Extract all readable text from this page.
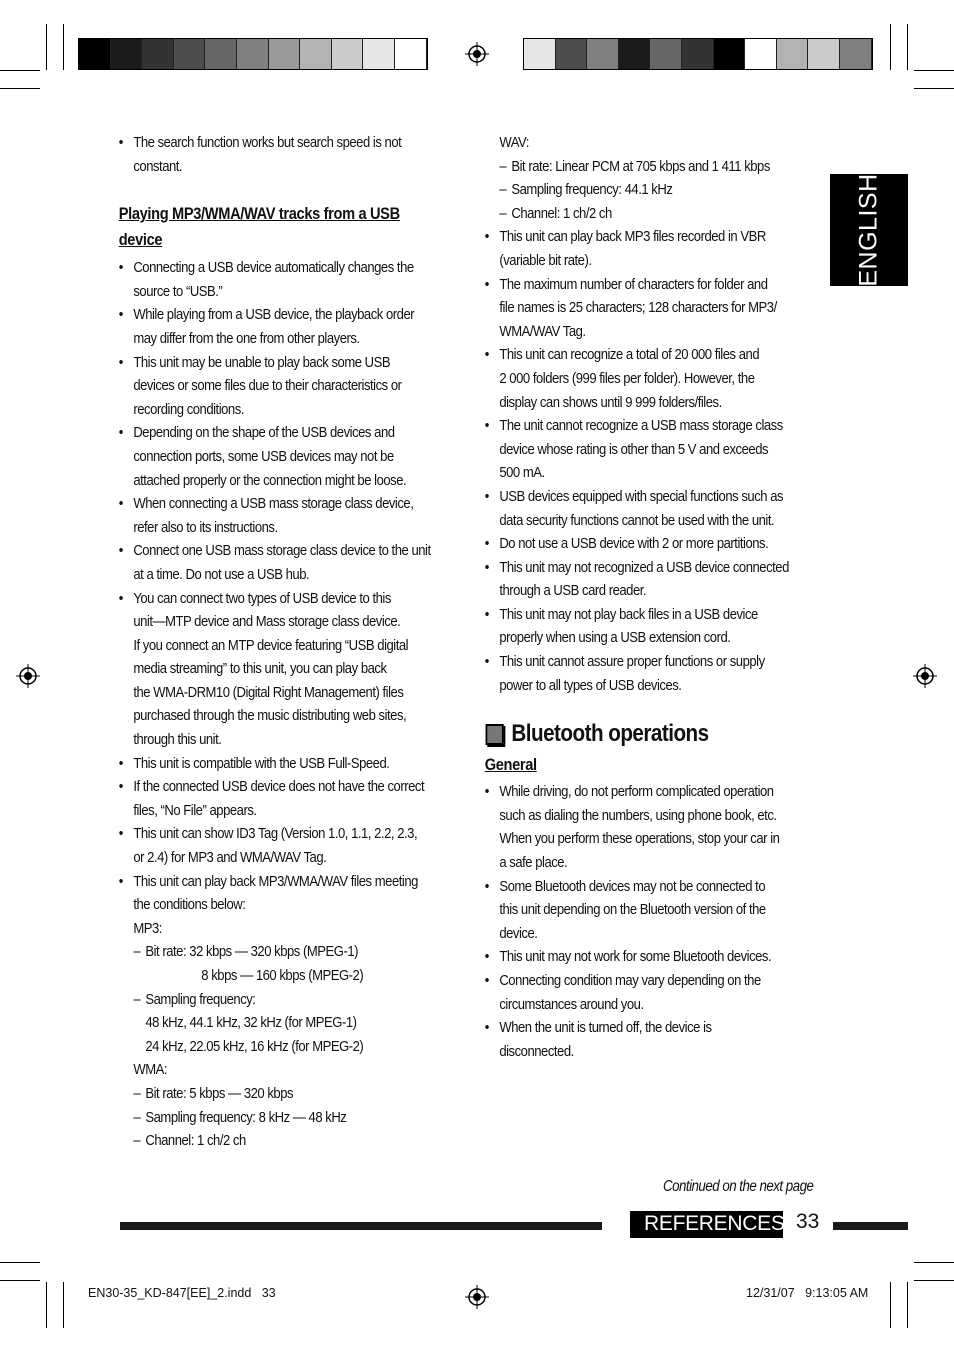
ENGLISH

• The search function works but search speed is not constant.

Playing MP3/WMA/WAV tracks from a USB
device

• Connecting a USB device automatically changes the
source to “USB.”

• While playing from a USB device, the playback order
may differ from the one from other players.

• This unit may be unable to play back some USB
devices or some files due to their characteristics or
recording conditions.

• Depending on the shape of the USB devices and
connection ports, some USB devices may not be
attached properly or the connection might be loose.

• When connecting a USB mass storage class device,
refer also to its instructions.

• Connect one USB mass storage class device to the unit
at a time. Do not use a USB hub.

• You can connect two types of USB device to this
unit—MTP device and Mass storage class device.
If you connect an MTP device featuring “USB digital
media streaming” to this unit, you can play back
the WMA-DRM10 (Digital Right Management) files
purchased through the music distributing web sites,
through this unit.

• This unit is compatible with the USB Full-Speed.

• If the connected USB device does not have the correct
files, “No File” appears.

• This unit can show ID3 Tag (Version 1.0, 1.1, 2.2, 2.3,
or 2.4) for MP3 and WMA/WAV Tag.

• This unit can play back MP3/WMA/WAV files meeting
the conditions below:

MP3:

– Bit rate: 32 kbps — 320 kbps (MPEG-1)

8 kbps — 160 kbps (MPEG-2)

– Sampling frequency:

48 kHz, 44.1 kHz, 32 kHz (for MPEG-1)

24 kHz, 22.05 kHz, 16 kHz (for MPEG-2)

WMA:

– Bit rate: 5 kbps — 320 kbps

– Sampling frequency: 8 kHz — 48 kHz

– Channel: 1 ch/2 ch

WAV:

– Bit rate: Linear PCM at 705 kbps and 1 411 kbps

– Sampling frequency: 44.1 kHz

– Channel: 1 ch/2 ch

• This unit can play back MP3 files recorded in VBR
(variable bit rate).

• The maximum number of characters for folder and
file names is 25 characters; 128 characters for MP3/
WMA/WAV Tag.

• This unit can recognize a total of 20 000 files and
2 000 folders (999 files per folder). However, the
display can shows until 9 999 folders/files.

• The unit cannot recognize a USB mass storage class
device whose rating is other than 5 V and exceeds
500 mA.

• USB devices equipped with special functions such as
data security functions cannot be used with the unit.

• Do not use a USB device with 2 or more partitions.

• This unit may not recognized a USB device connected
through a USB card reader.

• This unit may not play back files in a USB device
properly when using a USB extension cord.

• This unit cannot assure proper functions or supply
power to all types of USB devices.

Bluetooth operations

General

• While driving, do not perform complicated operation
such as dialing the numbers, using phone book, etc.
When you perform these operations, stop your car in
a safe place.

• Some Bluetooth devices may not be connected to
this unit depending on the Bluetooth version of the
device.

• This unit may not work for some Bluetooth devices.

• Connecting condition may vary depending on the
circumstances around you.

• When the unit is turned off, the device is
disconnected.

Continued on the next page
REFERENCES 33
EN30-35_KD-847[EE]_2.indd   33	12/31/07   9:13:05 AM
